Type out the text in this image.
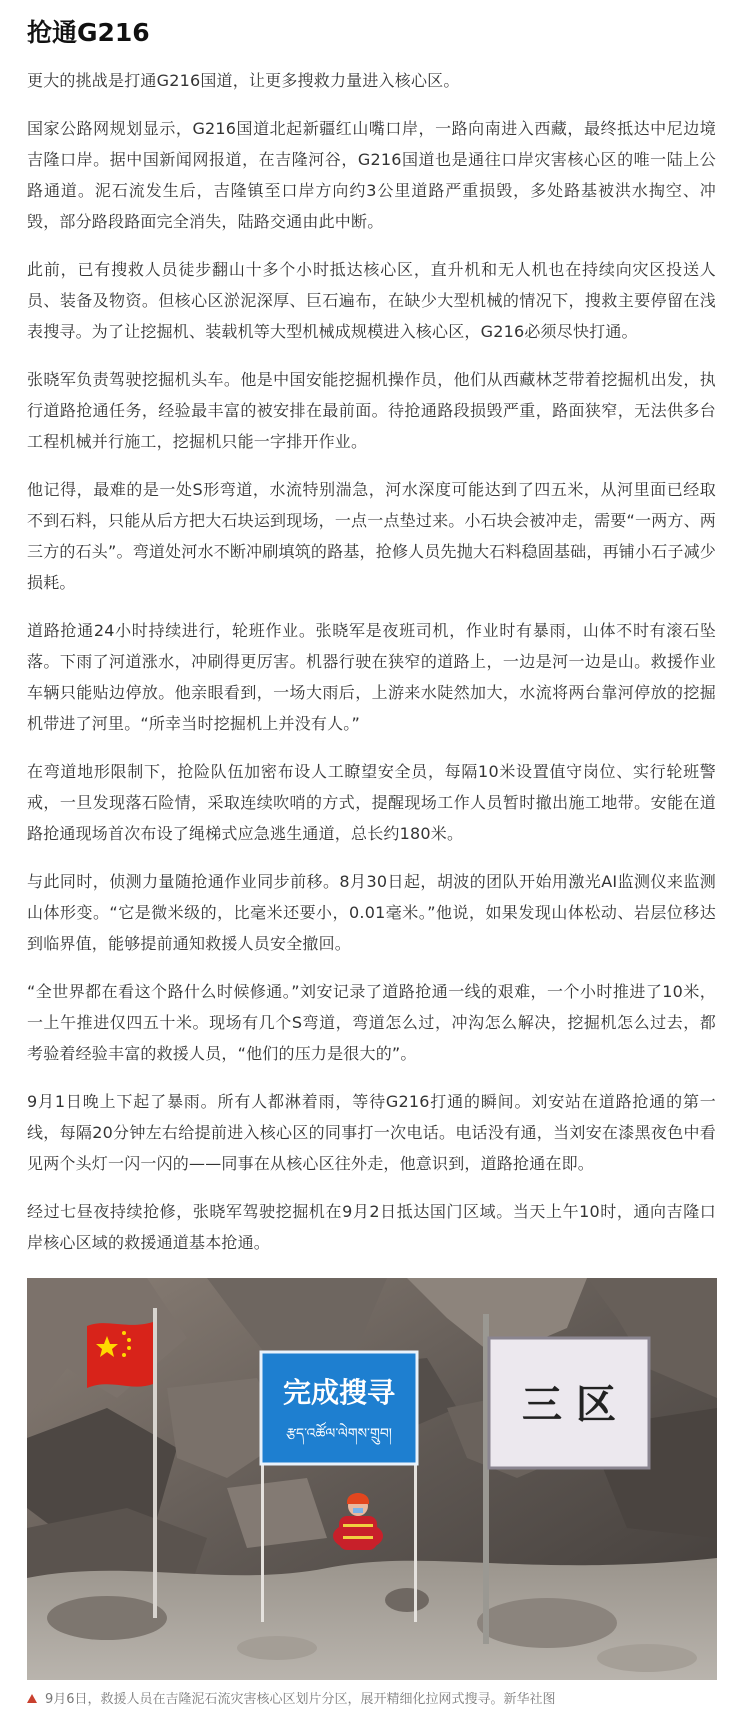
抢通G216

更大的挑战是打通G216国道，让更多搜救力量进入核心区。

国家公路网规划显示，G216国道北起新疆红山嘴口岸，一路向南进入西藏，最终抵达中尼边境吉隆口岸。据中国新闻网报道，在吉隆河谷，G216国道也是通往口岸灾害核心区的唯一陆上公路通道。泥石流发生后，吉隆镇至口岸方向约3公里道路严重损毁，多处路基被洪水掏空、冲毁，部分路段路面完全消失，陆路交通由此中断。

此前，已有搜救人员徒步翻山十多个小时抵达核心区，直升机和无人机也在持续向灾区投送人员、装备及物资。但核心区淤泥深厚、巨石遍布，在缺少大型机械的情况下，搜救主要停留在浅表搜寻。为了让挖掘机、装载机等大型机械成规模进入核心区，G216必须尽快打通。

张晓军负责驾驶挖掘机头车。他是中国安能挖掘机操作员，他们从西藏林芝带着挖掘机出发，执行道路抢通任务，经验最丰富的被安排在最前面。待抢通路段损毁严重，路面狭窄，无法供多台工程机械并行施工，挖掘机只能一字排开作业。

他记得，最难的是一处S形弯道，水流特别湍急，河水深度可能达到了四五米，从河里面已经取不到石料，只能从后方把大石块运到现场，一点一点垫过来。小石块会被冲走，需要“一两方、两三方的石头”。弯道处河水不断冲刷填筑的路基，抢修人员先抛大石料稳固基础，再铺小石子减少损耗。

道路抢通24小时持续进行，轮班作业。张晓军是夜班司机，作业时有暴雨，山体不时有滚石坠落。下雨了河道涨水，冲刷得更厉害。机器行驶在狭窄的道路上，一边是河一边是山。救援作业车辆只能贴边停放。他亲眼看到，一场大雨后，上游来水陡然加大，水流将两台靠河停放的挖掘机带进了河里。“所幸当时挖掘机上并没有人。”

在弯道地形限制下，抢险队伍加密布设人工瞭望安全员，每隔10米设置值守岗位、实行轮班警戒，一旦发现落石险情，采取连续吹哨的方式，提醒现场工作人员暂时撤出施工地带。安能在道路抢通现场首次布设了绳梯式应急逃生通道，总长约180米。

与此同时，侦测力量随抢通作业同步前移。8月30日起，胡波的团队开始用激光AI监测仪来监测山体形变。“它是微米级的，比毫米还要小，0.01毫米。”他说，如果发现山体松动、岩层位移达到临界值，能够提前通知救援人员安全撤回。

“全世界都在看这个路什么时候修通。”刘安记录了道路抢通一线的艰难，一个小时推进了10米，一上午推进仅四五十米。现场有几个S弯道，弯道怎么过，冲沟怎么解决，挖掘机怎么过去，都考验着经验丰富的救援人员，“他们的压力是很大的”。

9月1日晚上下起了暴雨。所有人都淋着雨，等待G216打通的瞬间。刘安站在道路抢通的第一线，每隔20分钟左右给提前进入核心区的同事打一次电话。电话没有通，当刘安在漆黑夜色中看见两个头灯一闪一闪的——同事在从核心区往外走，他意识到，道路抢通在即。

经过七昼夜持续抢修，张晓军驾驶挖掘机在9月2日抵达国门区域。当天上午10时，通向吉隆口岸核心区域的救援通道基本抢通。

完成搜寻
རྩད་འཚོལ་ལེགས་གྲུབ།
三 区
9月6日，救援人员在吉隆泥石流灾害核心区划片分区，展开精细化拉网式搜寻。新华社图
